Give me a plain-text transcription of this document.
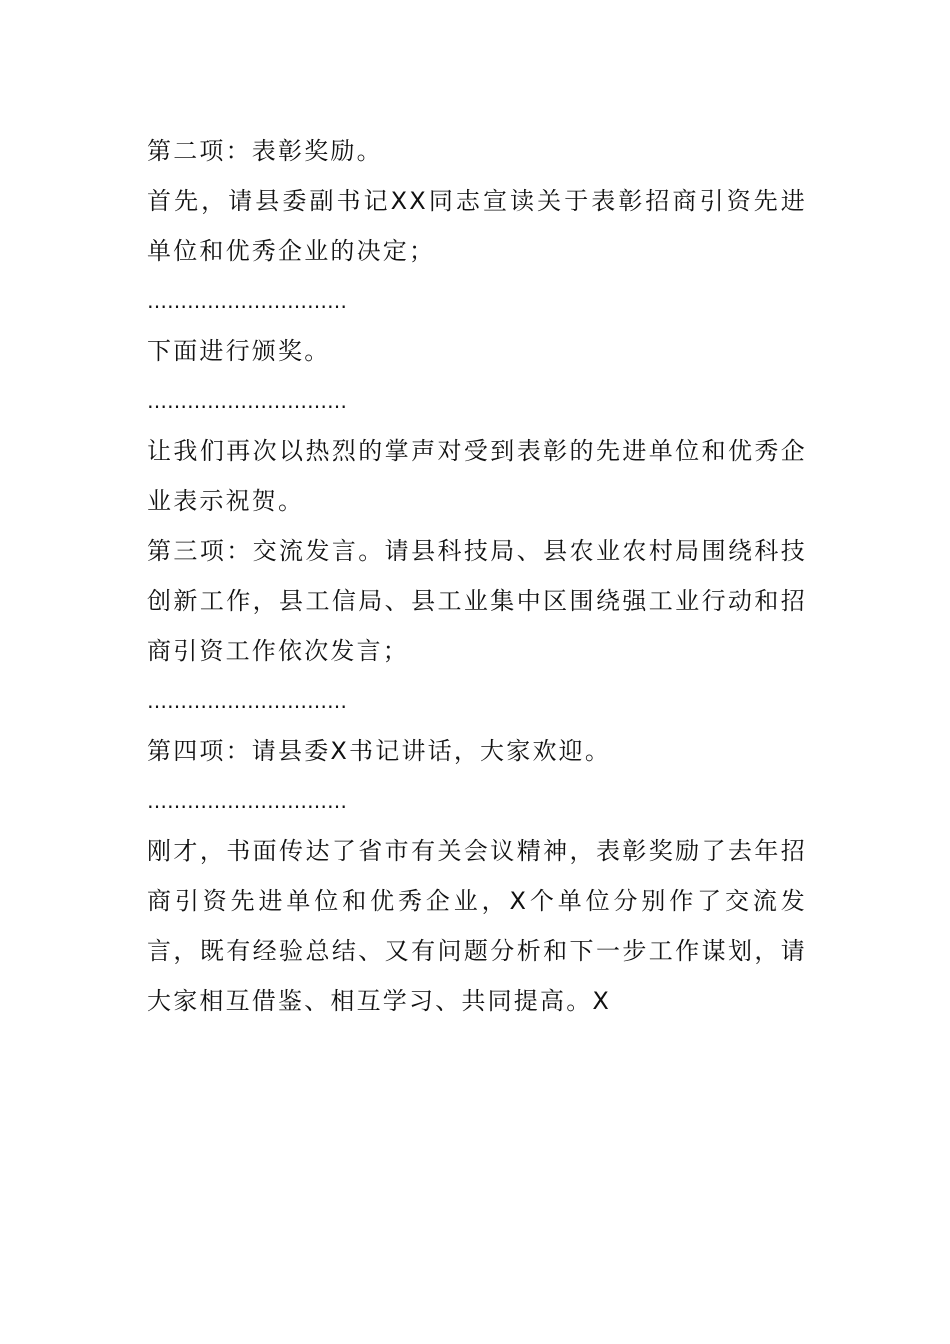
第二项：表彰奖励。

首先，请县委副书记XX同志宣读关于表彰招商引资先进单位和优秀企业的决定；

…………………………

下面进行颁奖。

…………………………

让我们再次以热烈的掌声对受到表彰的先进单位和优秀企业表示祝贺。

第三项：交流发言。请县科技局、县农业农村局围绕科技创新工作，县工信局、县工业集中区围绕强工业行动和招商引资工作依次发言；

…………………………

第四项：请县委X书记讲话，大家欢迎。

…………………………

刚才，书面传达了省市有关会议精神，表彰奖励了去年招商引资先进单位和优秀企业，X个单位分别作了交流发言，既有经验总结、又有问题分析和下一步工作谋划，请大家相互借鉴、相互学习、共同提高。X
